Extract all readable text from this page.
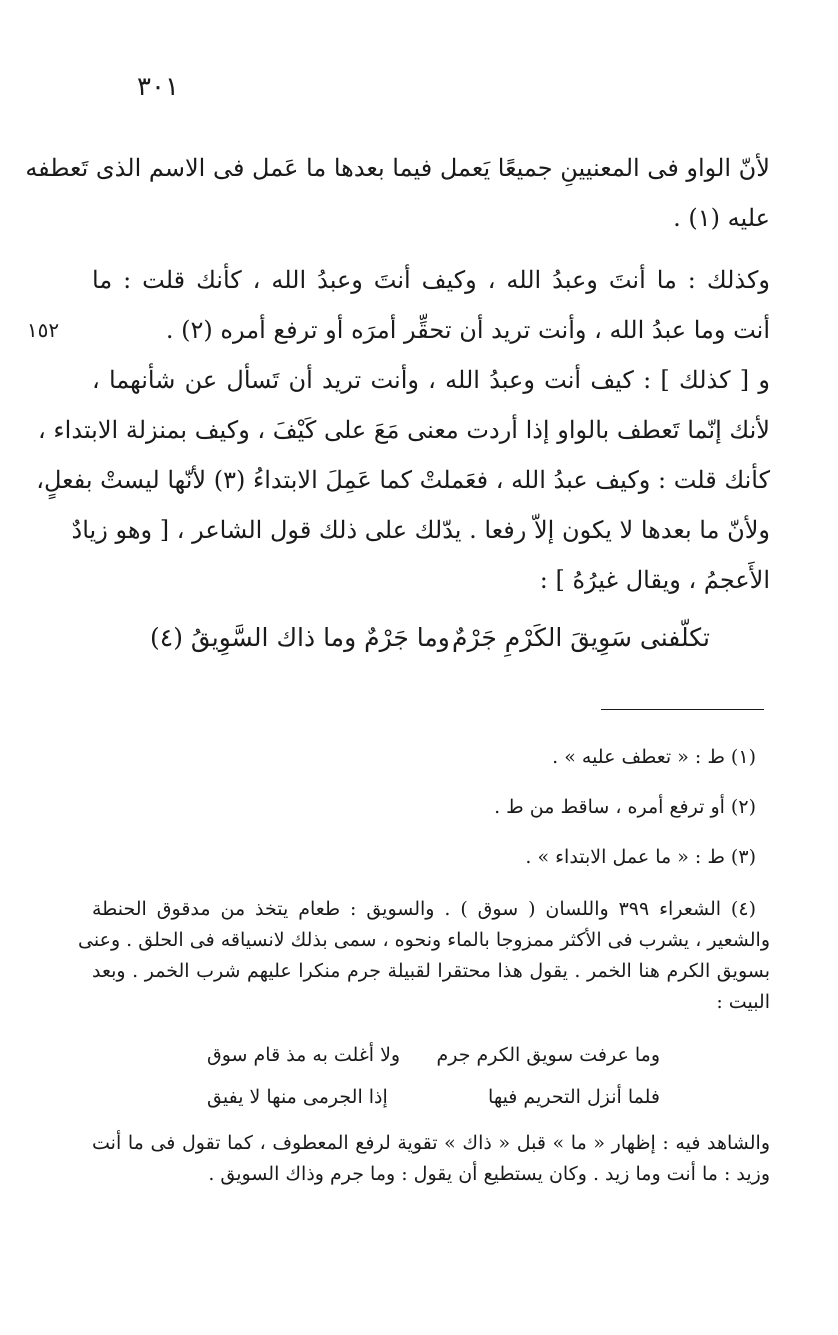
٣٠١
١٥٢
لأنّ الواو فى المعنيينِ جميعًا يَعمل فيما بعدها ما عَمل فى الاسم الذى تَعطفه
عليه (١) .
وكذلك : ما أنتَ وعبدُ الله ، وكيف أنتَ وعبدُ الله ، كأنك قلت : ما
أنت وما عبدُ الله ، وأنت تريد أن تحقِّر أمرَه أو ترفع أمره (٢) .
و [ كذلك ] : كيف أنت وعبدُ الله ، وأنت تريد أن تَسأل عن شأنهما ،
لأنك إنّما تَعطف بالواو إذا أردت معنى مَعَ على كَيْفَ ، وكيف بمنزلة الابتداء ،
كأنك قلت : وكيف عبدُ الله ، فعَملتْ كما عَمِلَ الابتداءُ (٣) لأنّها ليستْ بفعلٍ،
ولأنّ ما بعدها لا يكون إلاّ رفعا . يدّلك على ذلك قول الشاعر ، [ وهو زيادٌ
الأَعجمُ ، ويقال غيرُهُ ] :
تكلّفنى سَوِيقَ الكَرْمِ جَرْمٌ
وما جَرْمٌ وما ذاك السَّوِيقُ (٤)
(١) ط : « تعطف عليه » .
(٢) أو ترفع أمره ، ساقط من ط .
(٣) ط : « ما عمل الابتداء » .
(٤) الشعراء ٣٩٩ واللسان ( سوق ) . والسويق : طعام يتخذ من مدقوق الحنطة
والشعير ، يشرب فى الأكثر ممزوجا بالماء ونحوه ، سمى بذلك لانسياقه فى الحلق . وعنى
بسويق الكرم هنا الخمر . يقول هذا محتقرا لقبيلة جرم منكرا عليهم شرب الخمر . وبعد
البيت :
وما عرفت سويق الكرم جرم
ولا أغلت به مذ قام سوق
فلما أنزل التحريم فيها
إذا الجرمى منها لا يفيق
والشاهد فيه : إظهار « ما » قبل « ذاك » تقوية لرفع المعطوف ، كما تقول فى ما أنت
وزيد : ما أنت وما زيد . وكان يستطيع أن يقول : وما جرم وذاك السويق .
